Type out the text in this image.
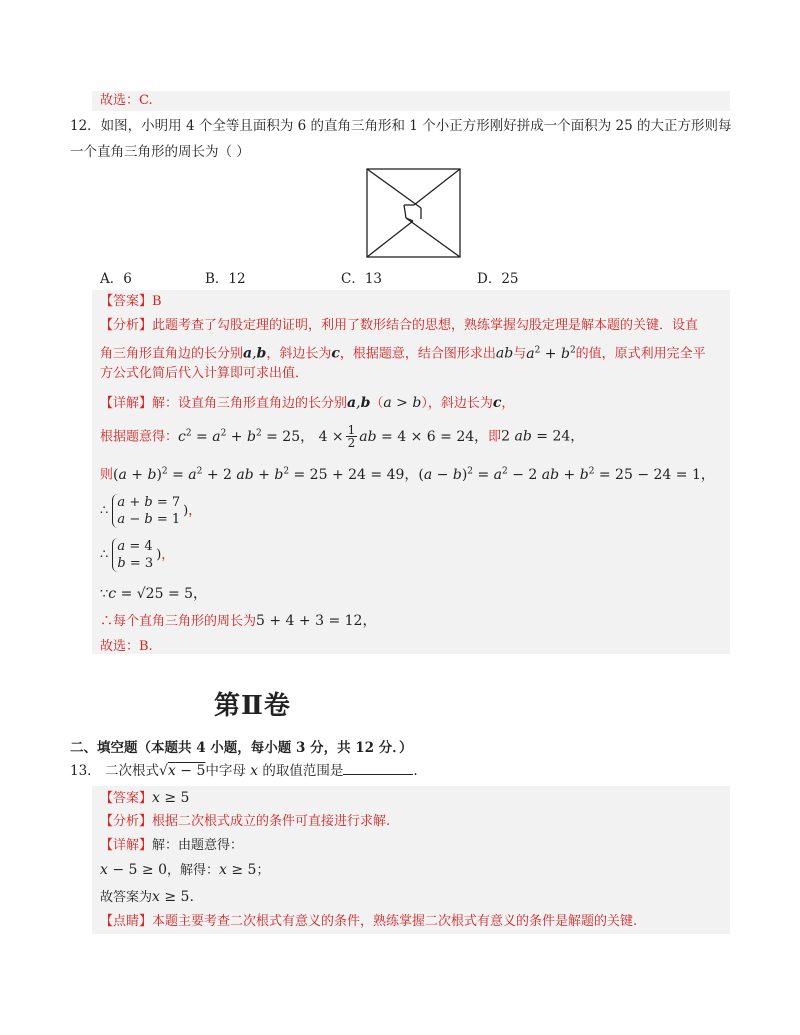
故选：C.
12．如图，小明用 4 个全等且面积为 6 的直角三角形和 1 个小正方形刚好拼成一个面积为 25 的大正方形则每
一个直角三角形的周长为（ ）
A．6	B．12	C．13	D．25
【答案】B
【分析】此题考查了勾股定理的证明，利用了数形结合的思想，熟练掌握勾股定理是解本题的关键．设直
角三角形直角边的长分别a,b，斜边长为c，根据题意，结合图形求出ab与$a^2 + b^2$的值，原式利用完全平
方公式化简后代入计算即可求出值．
【详解】解：设直角三角形直角边的长分别a,b（a > b），斜边长为c，
根据题意得：$c^2 = a^2 + b^2 = 25$， $4 \times \frac{1}{2}$ ab = 4 × 6 = 24，即2 ab = 24，
则$(a + b)^2 = a^2 + 2$ ab + $b^2 = 25 + 24 = 49$，$(a - b)^2 = a^2 - 2$ ab + $b^2 = 25 - 24 = 1$，
∴ a + b = 7
a − b = 1)，
∴ a = 4
b = 3)，
∵c = √25 = 5，
∴每个直角三角形的周长为5 + 4 + 3 = 12，
故选：B.
第Ⅱ卷
二、填空题（本题共 4 小题，每小题 3 分，共 12 分．）
13． 二次根式√x − 5中字母 x 的取值范围是	.
【答案】x ≥ 5
【分析】根据二次根式成立的条件可直接进行求解.
【详解】解：由题意得：
x − 5 ≥ 0，解得：x ≥ 5；
故答案为x ≥ 5.
【点睛】本题主要考查二次根式有意义的条件，熟练掌握二次根式有意义的条件是解题的关键.
